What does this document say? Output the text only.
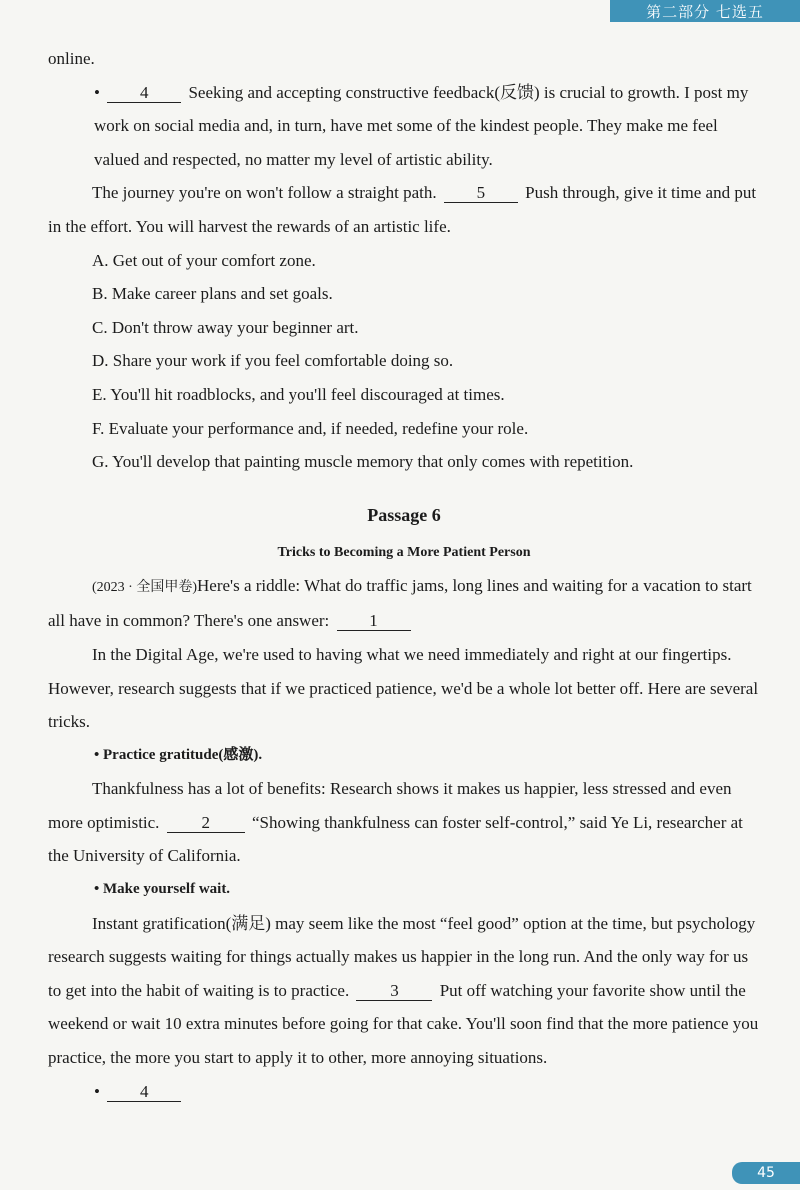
第二部分 七选五

online.

• 4 Seeking and accepting constructive feedback(反馈) is crucial to growth. I post my work on social media and, in turn, have met some of the kindest people. They make me feel valued and respected, no matter my level of artistic ability.

The journey you're on won't follow a straight path. 5 Push through, give it time and put in the effort. You will harvest the rewards of an artistic life.

A. Get out of your comfort zone.

B. Make career plans and set goals.

C. Don't throw away your beginner art.

D. Share your work if you feel comfortable doing so.

E. You'll hit roadblocks, and you'll feel discouraged at times.

F. Evaluate your performance and, if needed, redefine your role.

G. You'll develop that painting muscle memory that only comes with repetition.

Passage 6

Tricks to Becoming a More Patient Person

(2023 · 全国甲卷)Here's a riddle: What do traffic jams, long lines and waiting for a vacation to start all have in common? There's one answer: 1

In the Digital Age, we're used to having what we need immediately and right at our fingertips. However, research suggests that if we practiced patience, we'd be a whole lot better off. Here are several tricks.

• Practice gratitude(感激).

Thankfulness has a lot of benefits: Research shows it makes us happier, less stressed and even more optimistic. 2 “Showing thankfulness can foster self-control,” said Ye Li, researcher at the University of California.

• Make yourself wait.

Instant gratification(满足) may seem like the most “feel good” option at the time, but psychology research suggests waiting for things actually makes us happier in the long run. And the only way for us to get into the habit of waiting is to practice. 3 Put off watching your favorite show until the weekend or wait 10 extra minutes before going for that cake. You'll soon find that the more patience you practice, the more you start to apply it to other, more annoying situations.

• 4

45
